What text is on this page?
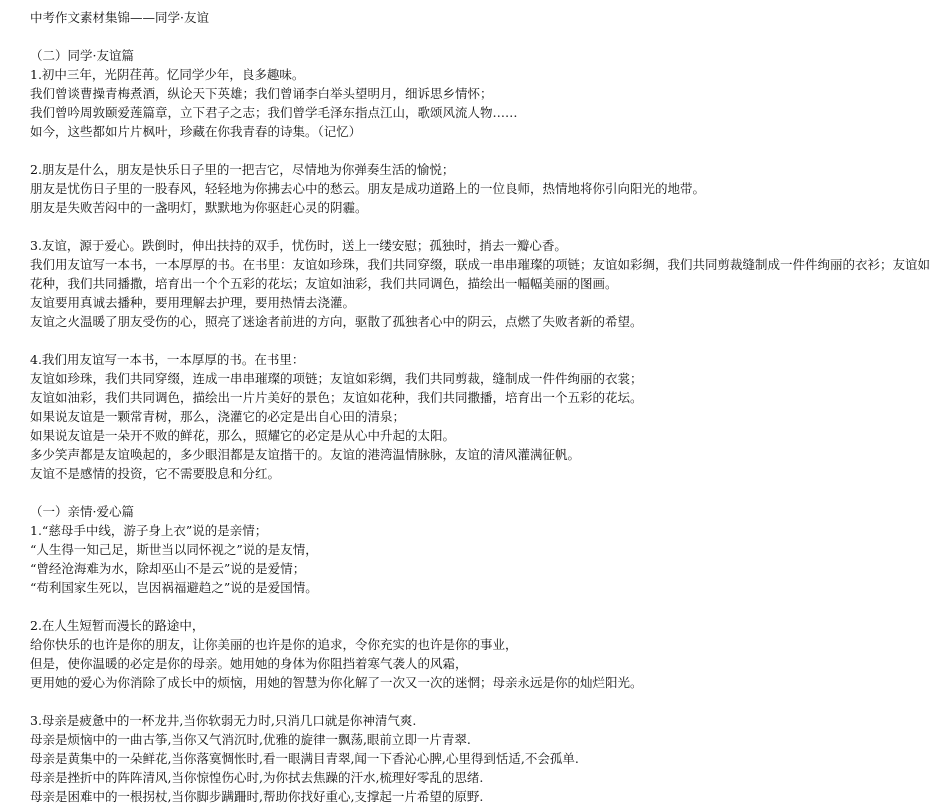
中考作文素材集锦——同学·友谊
（二）同学·友谊篇
1.初中三年，光阴荏苒。忆同学少年，良多趣味。
我们曾谈曹操青梅煮酒，纵论天下英雄；我们曾诵李白举头望明月，细诉思乡情怀；
我们曾吟周敦颐爱莲篇章，立下君子之志；我们曾学毛泽东指点江山，歌颂风流人物……
如今，这些都如片片枫叶，珍藏在你我青春的诗集。（记忆）
2.朋友是什么，朋友是快乐日子里的一把吉它，尽情地为你弹奏生活的愉悦；
朋友是忧伤日子里的一股春风，轻轻地为你拂去心中的愁云。朋友是成功道路上的一位良师，热情地将你引向阳光的地带。
朋友是失败苦闷中的一盏明灯，默默地为你驱赶心灵的阴霾。
3.友谊，源于爱心。跌倒时，伸出扶持的双手，忧伤时，送上一缕安慰；孤独时，捎去一瓣心香。
我们用友谊写一本书，一本厚厚的书。在书里：友谊如珍珠，我们共同穿缀，联成一串串璀璨的项链；友谊如彩绸，我们共同剪裁缝制成一件件绚丽的衣衫；友谊如花种，我们共同播撒，培育出一个个五彩的花坛；友谊如油彩，我们共同调色，描绘出一幅幅美丽的图画。
友谊要用真诚去播种，要用理解去护理，要用热情去浇灌。
友谊之火温暖了朋友受伤的心，照亮了迷途者前进的方向，驱散了孤独者心中的阴云，点燃了失败者新的希望。
4.我们用友谊写一本书，一本厚厚的书。在书里：
友谊如珍珠，我们共同穿缀，连成一串串璀璨的项链；友谊如彩绸，我们共同剪裁，缝制成一件件绚丽的衣裳；
友谊如油彩，我们共同调色，描绘出一片片美好的景色；友谊如花种，我们共同撒播，培育出一个五彩的花坛。
如果说友谊是一颗常青树，那么，浇灌它的必定是出自心田的清泉；
如果说友谊是一朵开不败的鲜花，那么，照耀它的必定是从心中升起的太阳。
多少笑声都是友谊唤起的，多少眼泪都是友谊揩干的。友谊的港湾温情脉脉，友谊的清风灌满征帆。
友谊不是感情的投资，它不需要股息和分红。
（一）亲情·爱心篇
1.“慈母手中线，游子身上衣”说的是亲情；
“人生得一知己足，斯世当以同怀视之”说的是友情，
“曾经沧海难为水，除却巫山不是云”说的是爱情；
“苟利国家生死以，岂因祸福避趋之”说的是爱国情。
2.在人生短暂而漫长的路途中，
给你快乐的也许是你的朋友，让你美丽的也许是你的追求，令你充实的也许是你的事业，
但是，使你温暖的必定是你的母亲。她用她的身体为你阻挡着寒气袭人的风霜，
更用她的爱心为你消除了成长中的烦恼，用她的智慧为你化解了一次又一次的迷惘；母亲永远是你的灿烂阳光。
3.母亲是疲惫中的一杯龙井,当你软弱无力时,只消几口就是你神清气爽.
母亲是烦恼中的一曲古筝,当你又气消沉时,优雅的旋律一飘荡,眼前立即一片青翠.
母亲是黄集中的一朵鲜花,当你落寞惆怅时,看一眼满目青翠,闻一下香沁心脾,心里得到恬适,不会孤单.
母亲是挫折中的阵阵清风,当你惊惶伤心时,为你拭去焦躁的汗水,梳理好零乱的思绪.
母亲是困难中的一根拐杖,当你脚步蹒跚时,帮助你找好重心,支撑起一片希望的原野.
